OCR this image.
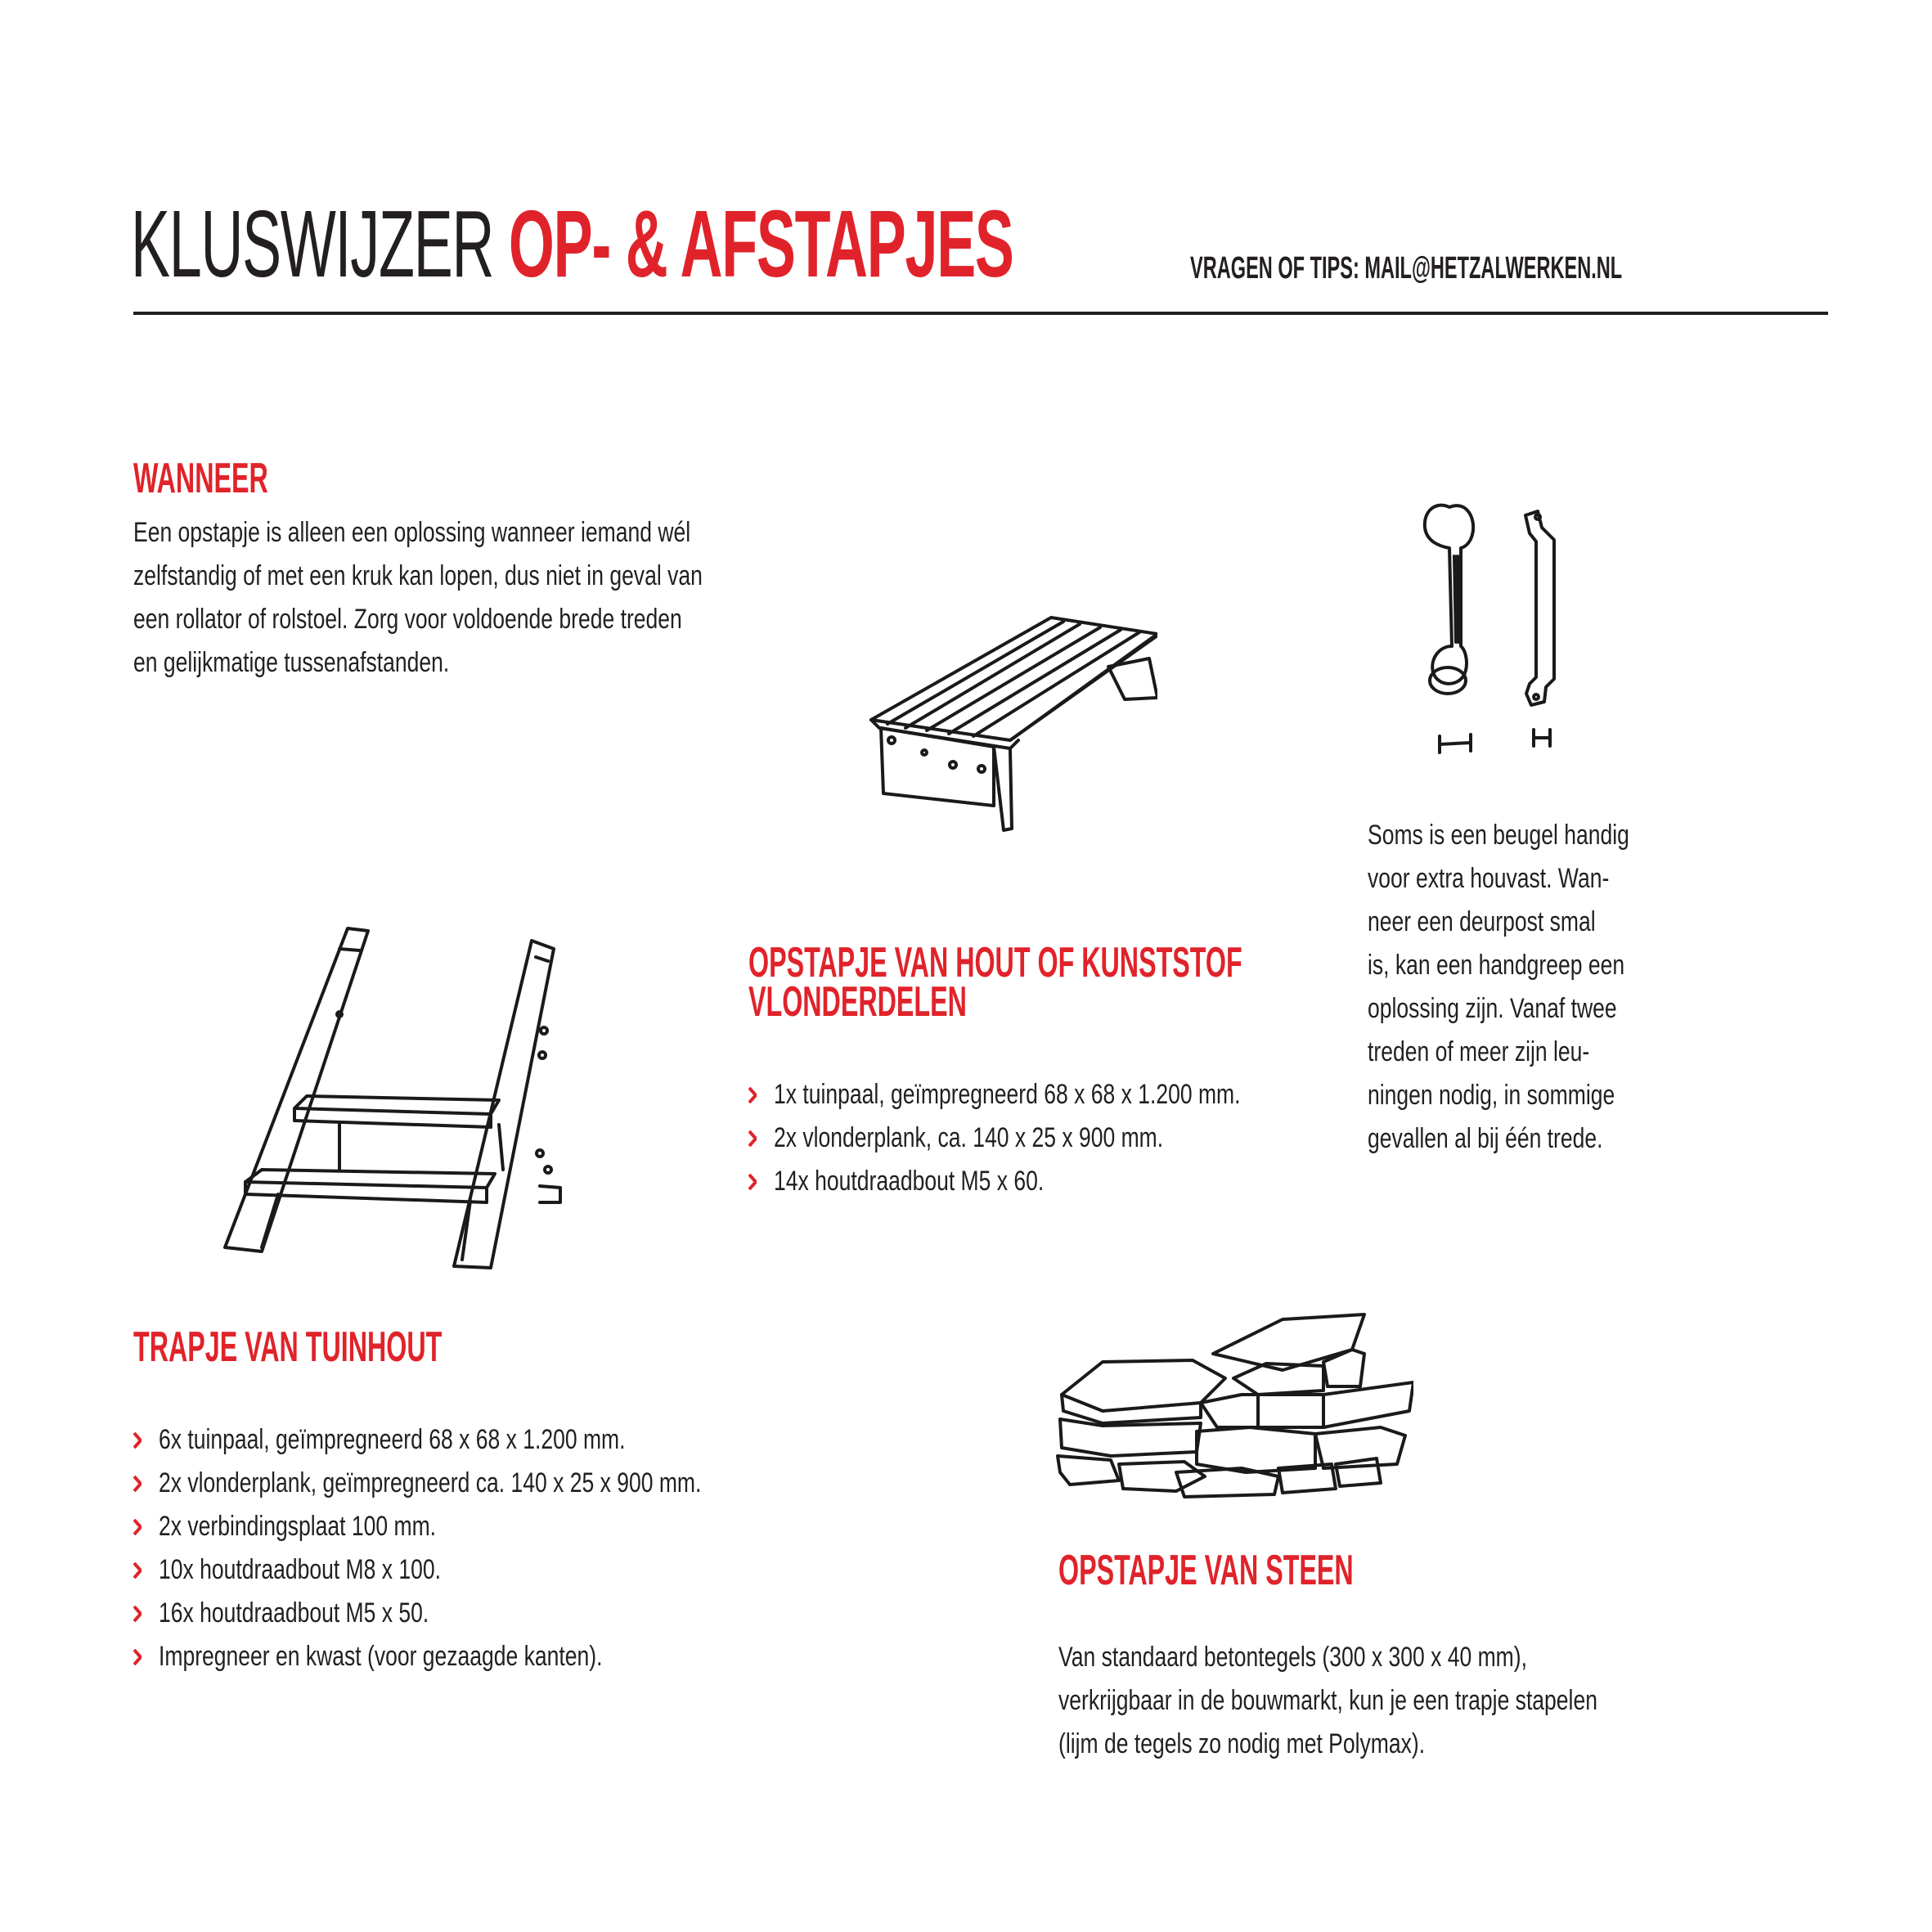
KLUSWIJZER OP- & AFSTAPJES	VRAGEN OF TIPS: MAIL@HETZALWERKEN.NL
WANNEER
Een opstapje is alleen een oplossing wanneer iemand wél
zelfstandig of met een kruk kan lopen, dus niet in geval van
een rollator of rolstoel. Zorg voor voldoende brede treden
en gelijkmatige tussenafstanden.
Soms is een beugel handig
voor extra houvast. Wan-
neer een deurpost smal
is, kan een handgreep een
oplossing zijn. Vanaf twee
treden of meer zijn leu-
ningen nodig, in sommige
gevallen al bij één trede.
OPSTAPJE VAN HOUT OF KUNSTSTOF
VLONDERDELEN
1x tuinpaal, geïmpregneerd 68 x 68 x 1.200 mm.
2x vlonderplank, ca. 140 x 25 x 900 mm.
14x houtdraadbout M5 x 60.
TRAPJE VAN TUINHOUT
6x tuinpaal, geïmpregneerd 68 x 68 x 1.200 mm.
2x vlonderplank, geïmpregneerd ca. 140 x 25 x 900 mm.
2x verbindingsplaat 100 mm.
10x houtdraadbout M8 x 100.
16x houtdraadbout M5 x 50.
Impregneer en kwast (voor gezaagde kanten).
OPSTAPJE VAN STEEN
Van standaard betontegels (300 x 300 x 40 mm),
verkrijgbaar in de bouwmarkt, kun je een trapje stapelen
(lijm de tegels zo nodig met Polymax).
